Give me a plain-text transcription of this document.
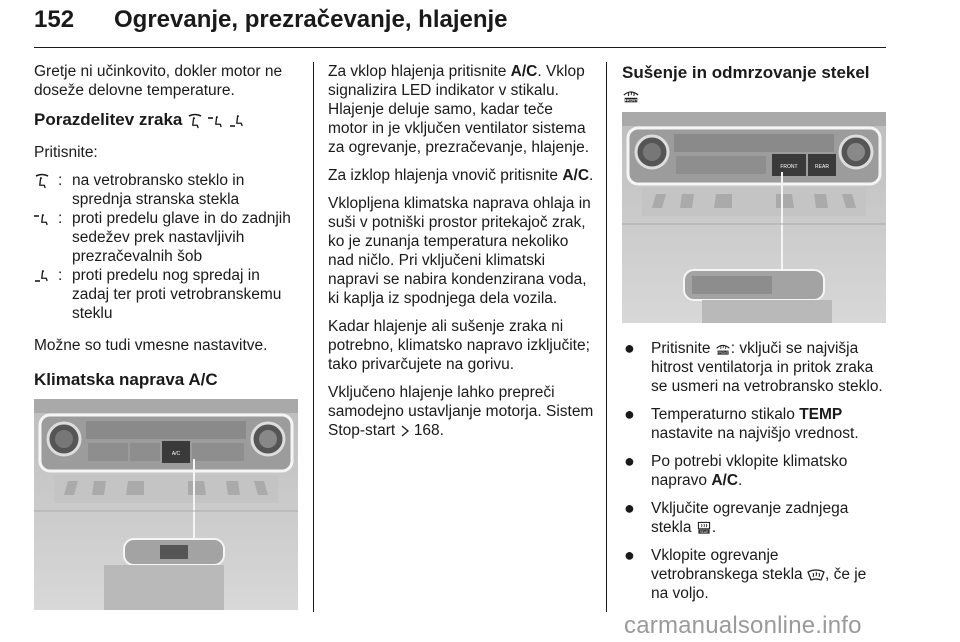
152 Ogrevanje, prezračevanje, hlajenje

Gretje ni učinkovito, dokler motor ne doseže delovne temperature.

Porazdelitev zraka

Pritisnite:

: na vetrobransko steklo in sprednja stranska stekla
: proti predelu glave in do zadnjih sedežev prek nastavljivih prezračevalnih šob
: proti predelu nog spredaj in zadaj ter proti vetrobranskemu steklu

Možne so tudi vmesne nastavitve.

Klimatska naprava A/C
A/C

Za vklop hlajenja pritisnite A/C. Vklop signalizira LED indikator v stikalu. Hlajenje deluje samo, kadar teče motor in je vključen ventilator sistema za ogrevanje, prezračevanje, hlajenje.

Za izklop hlajenja vnovič pritisnite A/C.

Vklopljena klimatska naprava ohlaja in suši v potniški prostor pritekajoč zrak, ko je zunanja temperatura nekoliko nad ničlo. Pri vključeni klimatski napravi se nabira kondenzirana voda, ki kaplja iz spodnjega dela vozila.

Kadar hlajenje ali sušenje zraka ni potrebno, klimatsko napravo izključite; tako privarčujete na gorivu.

Vključeno hlajenje lahko prepreči samodejno ustavljanje motorja. Sistem Stop-start  168.

Sušenje in odmrzovanje stekel
FRONT	REAR
●	Pritisnite : vključi se najvišja hitrost ventilatorja in pritok zraka se usmeri na vetrobransko steklo.
●	Temperaturno stikalo TEMP nastavite na najvišjo vrednost.
●	Po potrebi vklopite klimatsko napravo A/C.
●	Vključite ogrevanje zadnjega stekla .
●	Vklopite ogrevanje vetrobranskega stekla , če je na voljo.
carmanualsonline.info
